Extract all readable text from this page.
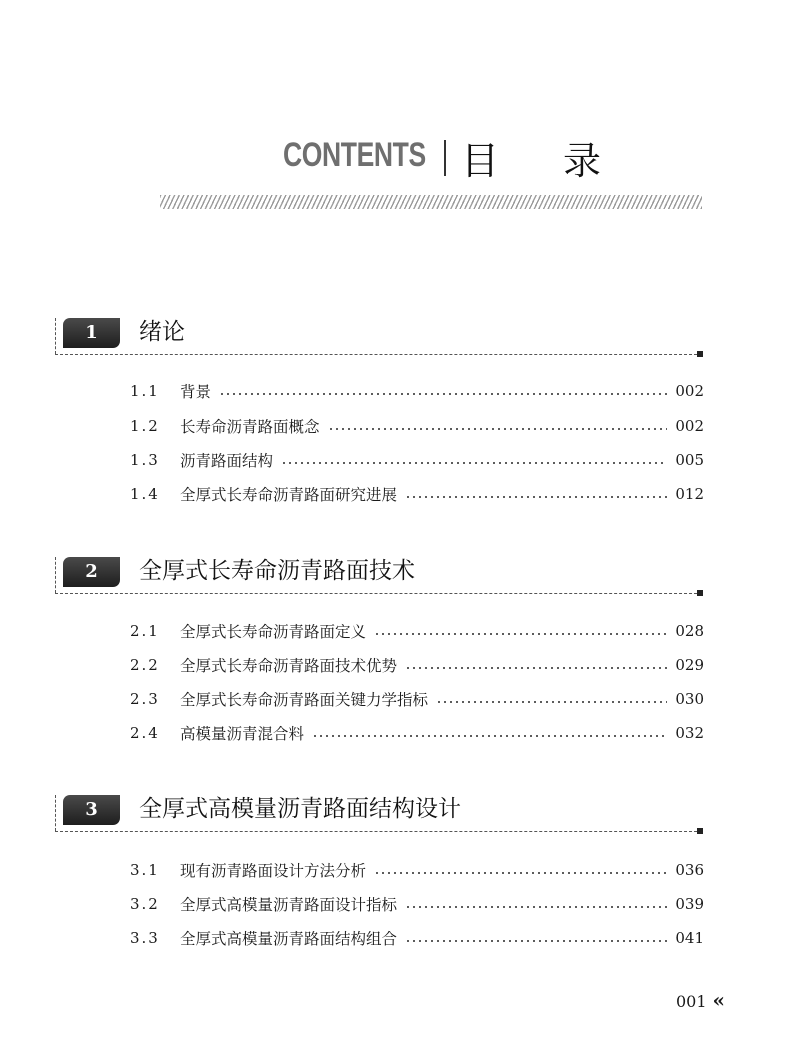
CONTENTS 目录
1	绪论
1.1	背景	002
1.2	长寿命沥青路面概念	002
1.3	沥青路面结构	005
1.4	全厚式长寿命沥青路面研究进展	012
2	全厚式长寿命沥青路面技术
2.1	全厚式长寿命沥青路面定义	028
2.2	全厚式长寿命沥青路面技术优势	029
2.3	全厚式长寿命沥青路面关键力学指标	030
2.4	高模量沥青混合料	032
3	全厚式高模量沥青路面结构设计
3.1	现有沥青路面设计方法分析	036
3.2	全厚式高模量沥青路面设计指标	039
3.3	全厚式高模量沥青路面结构组合	041
001 «
